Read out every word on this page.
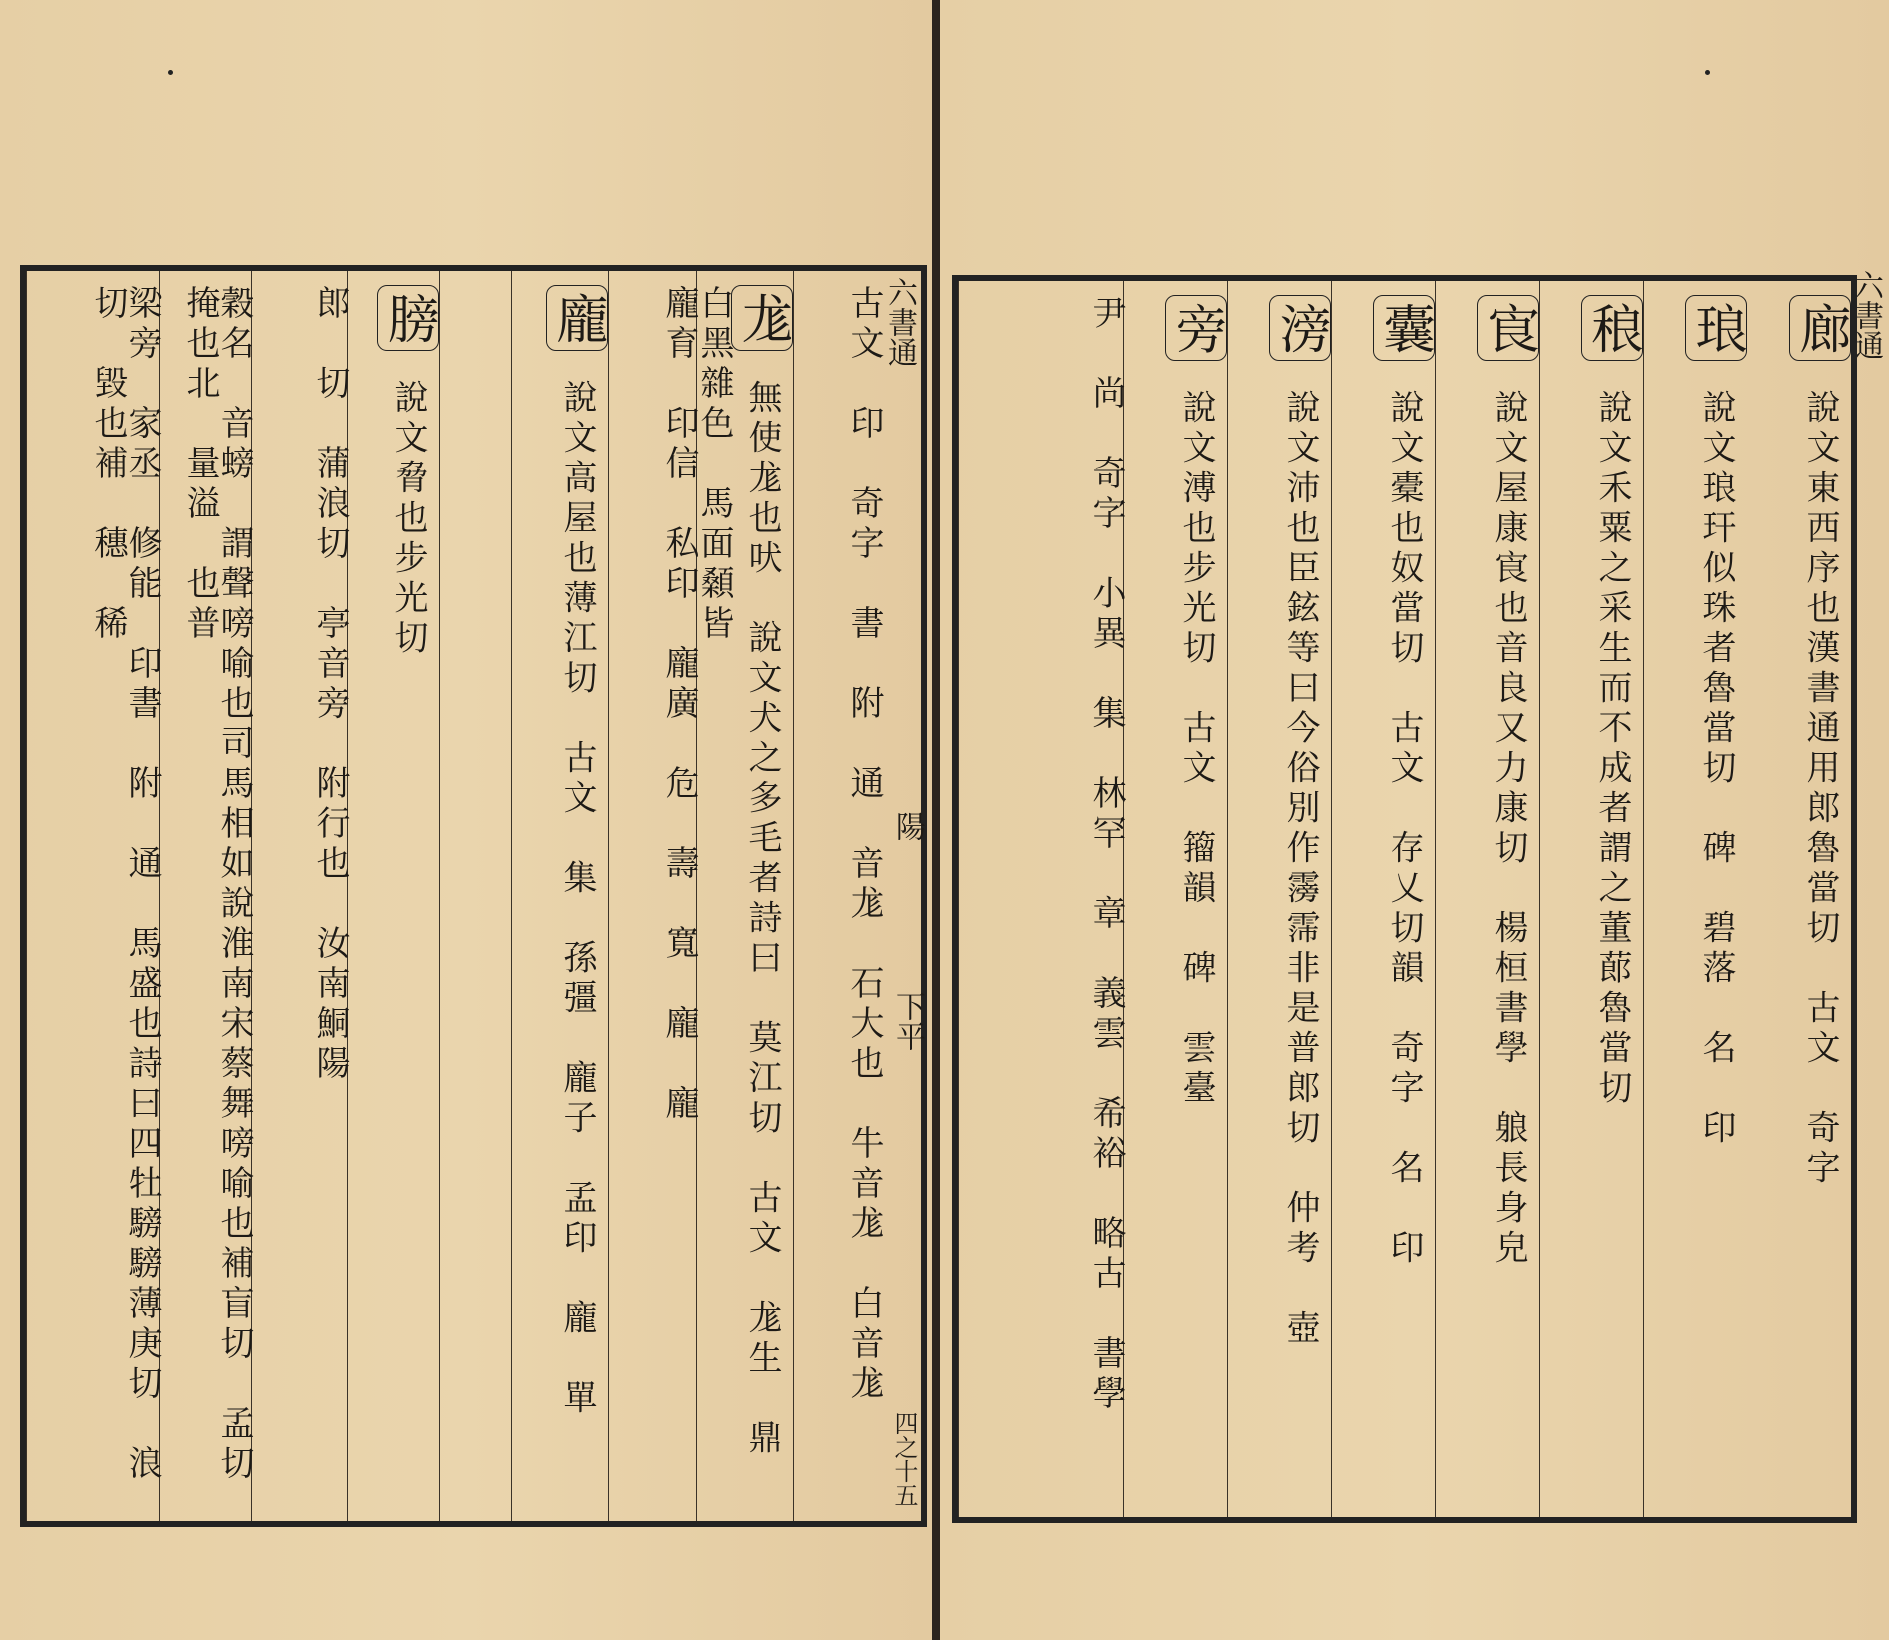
六書通
陽
下平
四之十五
古文　印　奇字　書　附　通　音尨　石大也　牛音尨　白音尨
尨 無使尨也吠　說文犬之多毛者詩曰　莫江切　古文　尨生　鼎　白黑雜色　馬面顙皆
龐育　印信　私印　龐廣　危　壽　寬　龐　龐
龐 說文高屋也薄江切　古文　集　孫彊　龐子　孟印　龐　單
膀 說文脅也步光切
郎　切　蒲浪切　亭音旁　附行也　汝南鮦陽
穀名　音螃　謂聲嗙喻也司馬相如說淮南宋蔡舞嗙喻也補盲切　孟切　掩也北　量溢　也普
梁旁　家丞　修能　印書　附　通　馬盛也詩曰四牡騯騯薄庚切　浪切　毀也補　穗　稀	六書通
廊 說文東西序也漢書通用郎魯當切　古文　奇字
琅 說文琅玕似珠者魯當切　碑　碧落　名　印
稂 說文禾粟之采生而不成者謂之董蓈魯當切
㝗 說文屋康㝗也音良又力康切　楊桓書學　躴長身皃
囊 說文橐也奴當切　古文　存乂切韻　奇字　名　印
滂 說文沛也臣鉉等曰今俗別作霶霈非是普郎切　仲考　壺
旁 說文溥也步光切　古文　籀韻　碑　雲臺
尹　尚　奇字　小異　集　林罕　章　義雲　希裕　略古　書學
